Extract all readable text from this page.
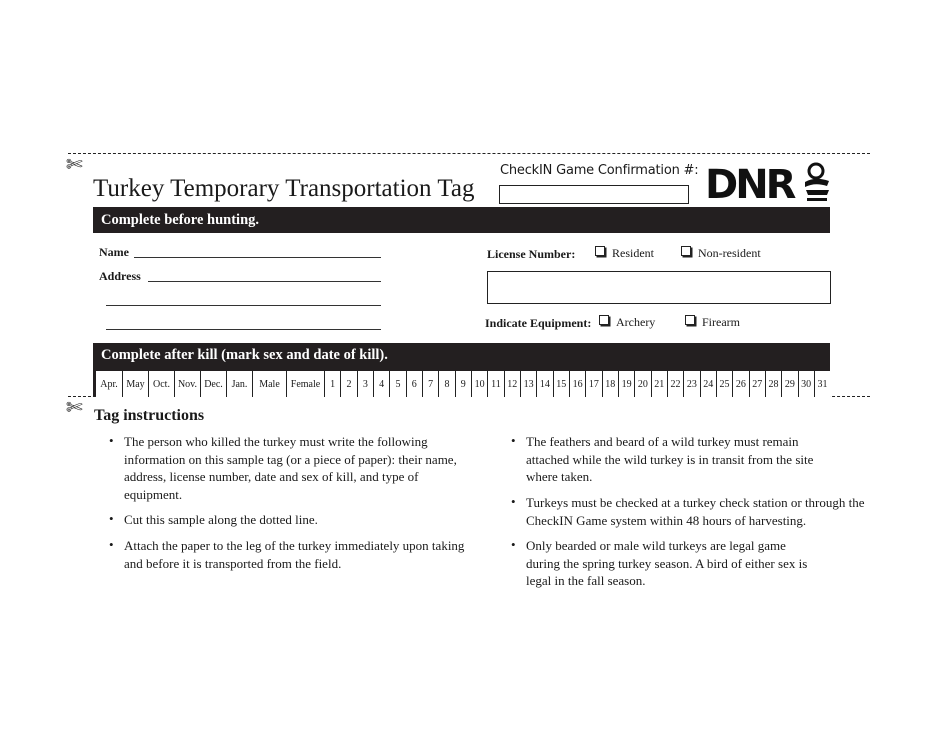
✄
✄
Turkey Temporary Transportation Tag
CheckIN Game Confirmation #: DNR
Complete before hunting.
Name
Address
License Number:	Resident	Non-resident
Indicate Equipment:	Archery	Firearm
Complete after kill (mark sex and date of kill).
Apr. May Oct. Nov. Dec. Jan.	Male	Female 1	2	3	4	5	6	7	8	9 10 11 12 13 14 15 16 17 18 19 20 21 22 23 24 25 26 27 28 29 30 31
Tag instructions
• The person who killed the turkey must write the following information on this sample tag (or a piece of paper): their name, address, license number, date and sex of kill, and type of equipment.
• Cut this sample along the dotted line.
• Attach the paper to the leg of the turkey immediately upon taking and before it is transported from the field.
• The feathers and beard of a wild turkey must remain attached while the wild turkey is in transit from the site where taken.
• Turkeys must be checked at a turkey check station or through the CheckIN Game system within 48 hours of harvesting.
• Only bearded or male wild turkeys are legal game during the spring turkey season. A bird of either sex is legal in the fall season.
